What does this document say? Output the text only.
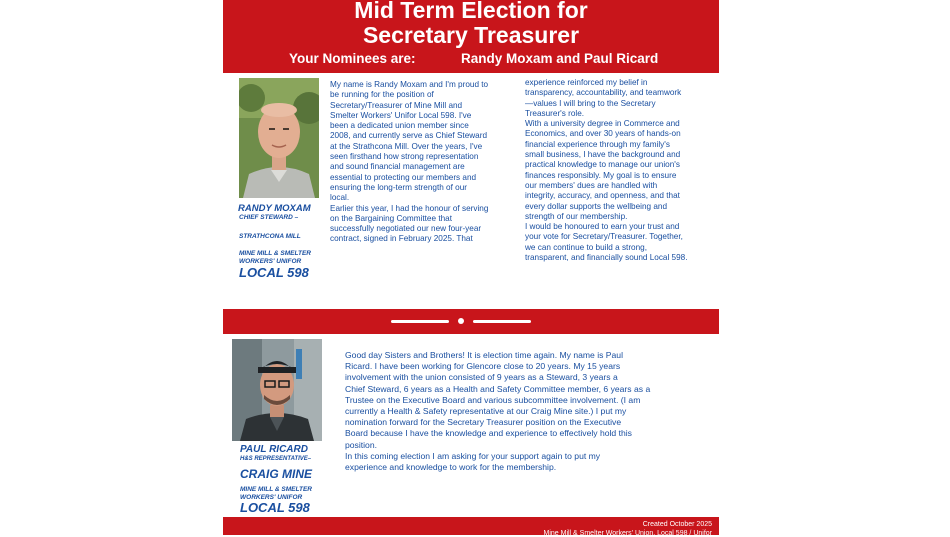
Mid Term Election for
Secretary Treasurer
Your Nominees are:	Randy Moxam and Paul Ricard
RANDY MOXAM
CHIEF STEWARD –
STRATHCONA MILL
MINE MILL & SMELTER
WORKERS' UNIFOR
LOCAL 598
My name is Randy Moxam and I'm proud to
be running for the position of
Secretary/Treasurer of Mine Mill and
Smelter Workers' Unifor Local 598. I've
been a dedicated union member since
2008, and currently serve as Chief Steward
at the Strathcona Mill. Over the years, I've
seen firsthand how strong representation
and sound financial management are
essential to protecting our members and
ensuring the long-term strength of our
local.
Earlier this year, I had the honour of serving
on the Bargaining Committee that
successfully negotiated our new four-year
contract, signed in February 2025. That
experience reinforced my belief in
transparency, accountability, and teamwork
—values I will bring to the Secretary
Treasurer's role.
With a university degree in Commerce and
Economics, and over 30 years of hands-on
financial experience through my family's
small business, I have the background and
practical knowledge to manage our union's
finances responsibly. My goal is to ensure
our members' dues are handled with
integrity, accuracy, and openness, and that
every dollar supports the wellbeing and
strength of our membership.
I would be honoured to earn your trust and
your vote for Secretary/Treasurer. Together,
we can continue to build a strong,
transparent, and financially sound Local 598.
PAUL RICARD
H&S REPRESENTATIVE–
CRAIG MINE
MINE MILL & SMELTER
WORKERS' UNIFOR
LOCAL 598
Good day Sisters and Brothers! It is election time again. My name is Paul
Ricard. I have been working for Glencore close to 20 years. My 15 years
involvement with the union consisted of 9 years as a Steward, 3 years a
Chief Steward, 6 years as a Health and Safety Committee member, 6 years as a
Trustee on the Executive Board and various subcommittee involvement. (I am
currently a Health & Safety representative at our Craig Mine site.) I put my
nomination forward for the Secretary Treasurer position on the Executive
Board because I have the knowledge and experience to effectively hold this
position.
In this coming election I am asking for your support again to put my
experience and knowledge to work for the membership.
Created October 2025
Mine Mill & Smelter Workers' Union, Local 598 / Unifor
